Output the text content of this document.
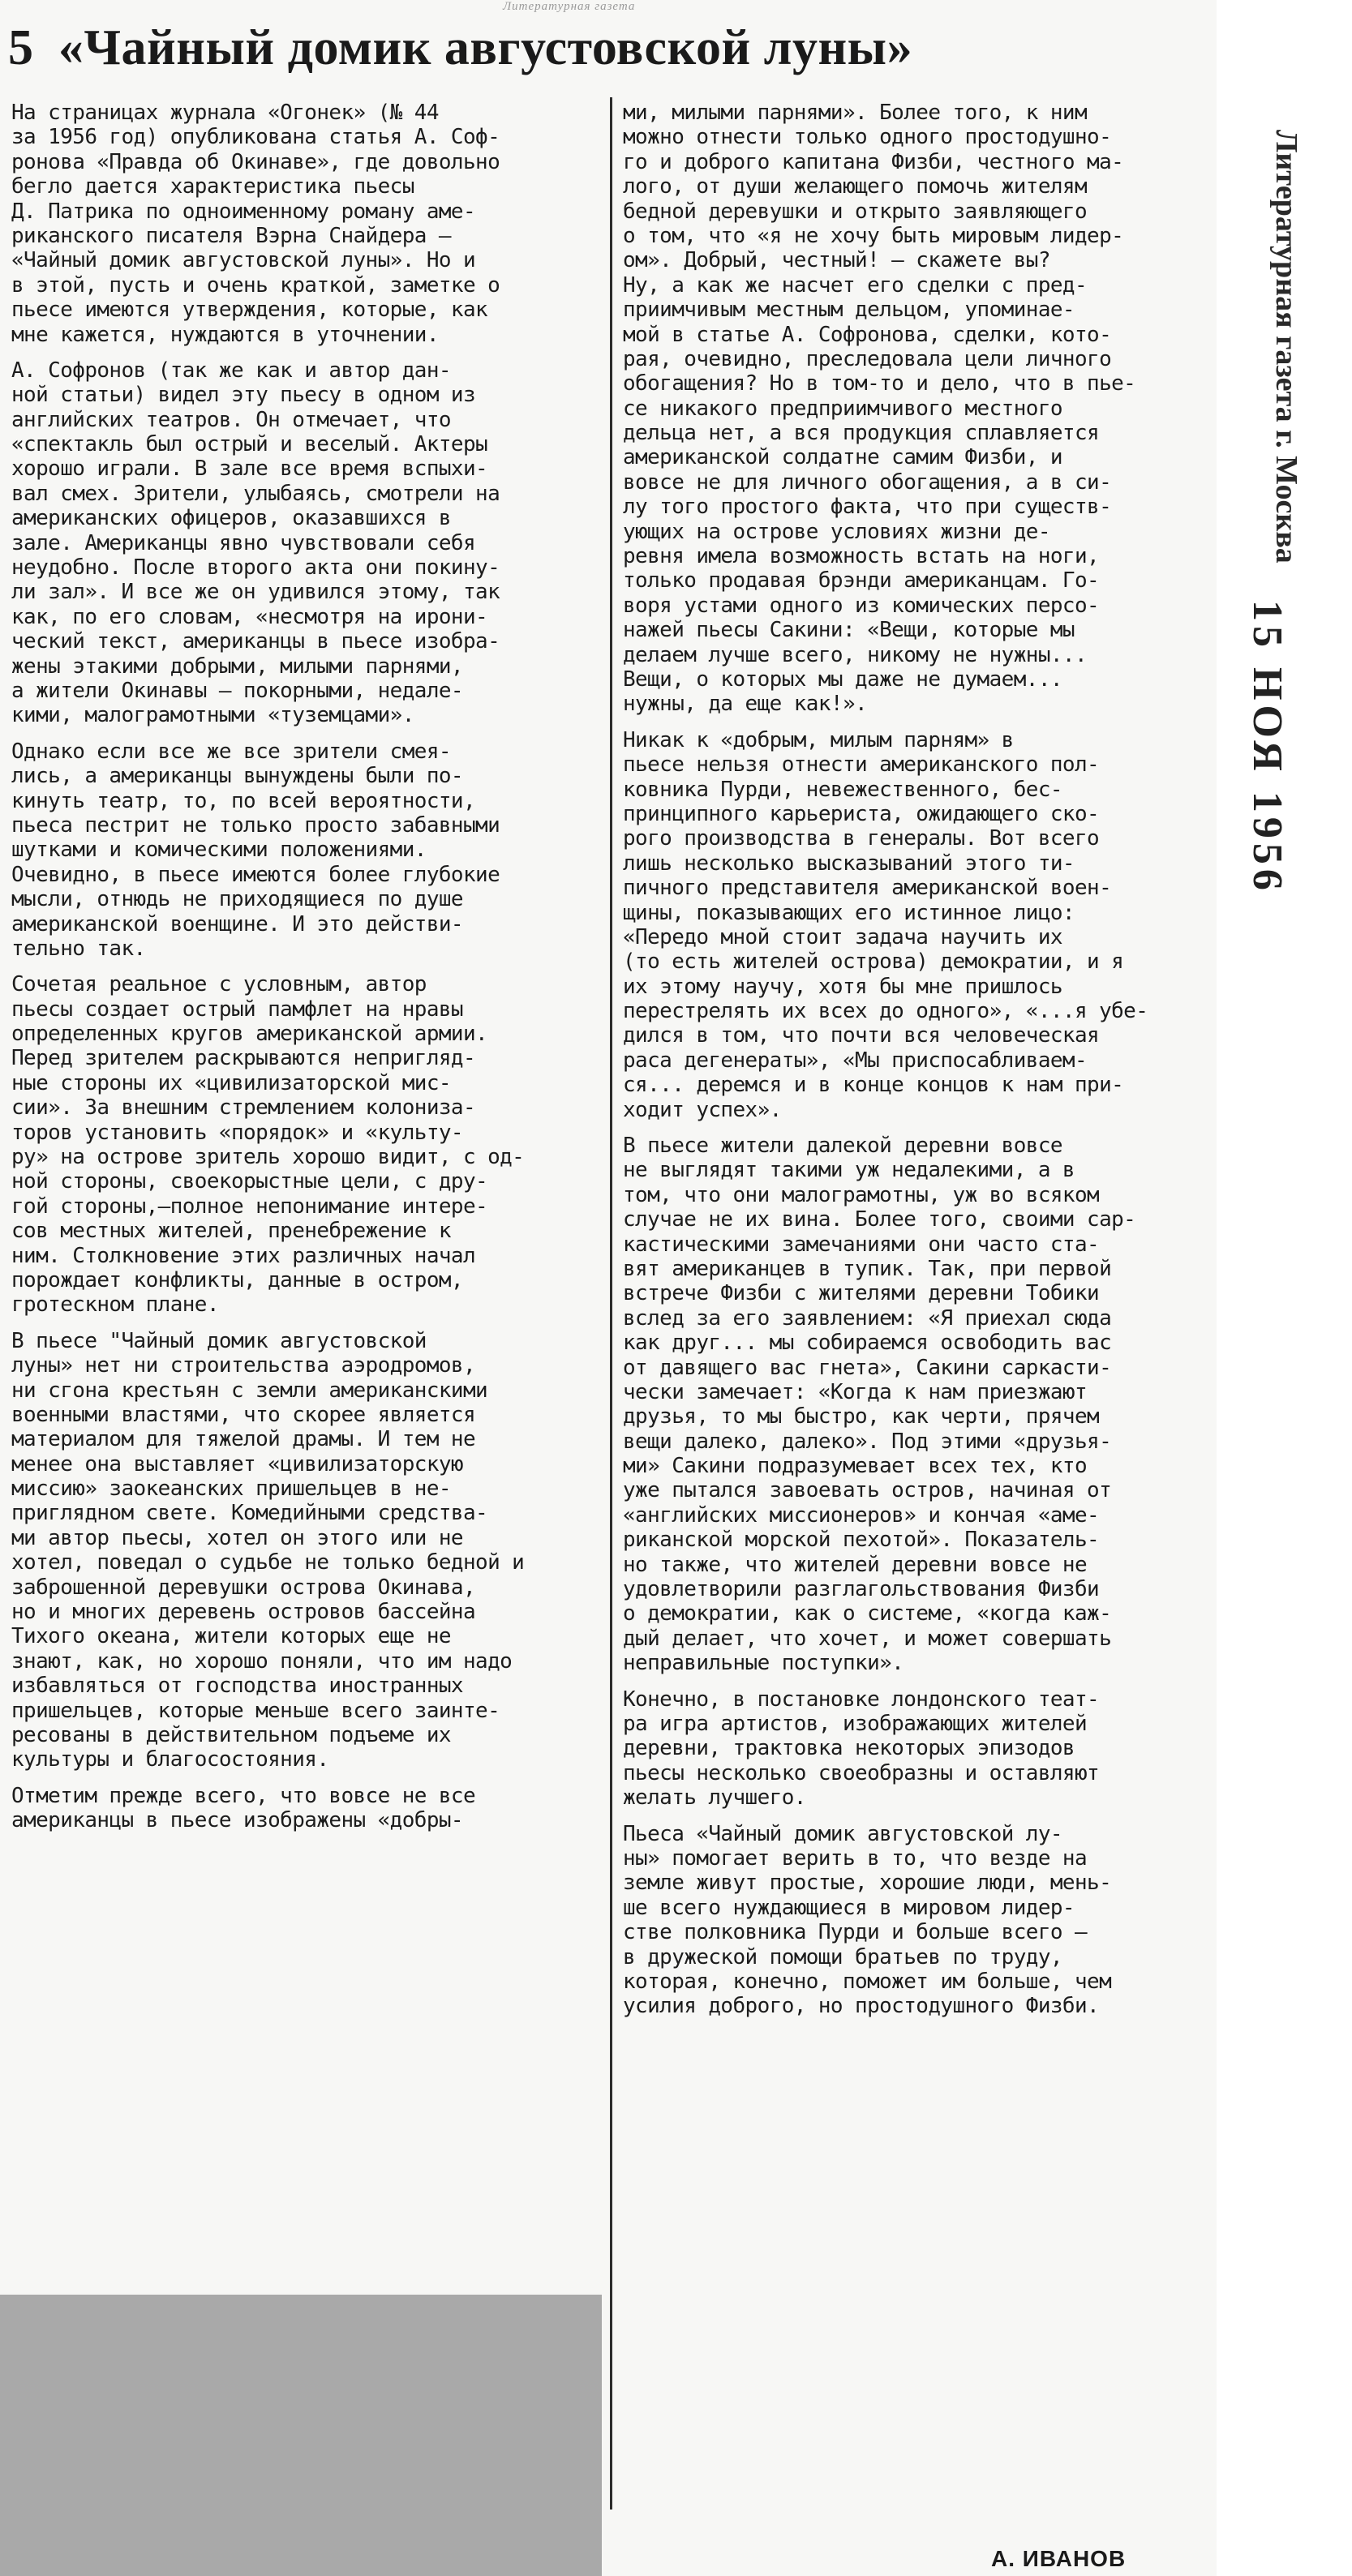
Литературная газета
5 «Чайный домик августовской луны»
На страницах журнала «Огонек» (№ 44
за 1956 год) опубликована статья А. Соф-
ронова «Правда об Окинаве», где довольно
бегло дается характеристика пьесы
Д. Патрика по одноименному роману аме-
риканского писателя Вэрна Снайдера —
«Чайный домик августовской луны». Но и
в этой, пусть и очень краткой, заметке о
пьесе имеются утверждения, которые, как
мне кажется, нуждаются в уточнении.
А. Софронов (так же как и автор дан-
ной статьи) видел эту пьесу в одном из
английских театров. Он отмечает, что
«спектакль был острый и веселый. Актеры
хорошо играли. В зале все время вспыхи-
вал смех. Зрители, улыбаясь, смотрели на
американских офицеров, оказавшихся в
зале. Американцы явно чувствовали себя
неудобно. После второго акта они покину-
ли зал». И все же он удивился этому, так
как, по его словам, «несмотря на ирони-
ческий текст, американцы в пьесе изобра-
жены этакими добрыми, милыми парнями,
а жители Окинавы — покорными, недале-
кими, малограмотными «туземцами».
Однако если все же все зрители смея-
лись, а американцы вынуждены были по-
кинуть театр, то, по всей вероятности,
пьеса пестрит не только просто забавными
шутками и комическими положениями.
Очевидно, в пьесе имеются более глубокие
мысли, отнюдь не приходящиеся по душе
американской военщине. И это действи-
тельно так.
Сочетая реальное с условным, автор
пьесы создает острый памфлет на нравы
определенных кругов американской армии.
Перед зрителем раскрываются непригляд-
ные стороны их «цивилизаторской мис-
сии». За внешним стремлением колониза-
торов установить «порядок» и «культу-
ру» на острове зритель хорошо видит, с од-
ной стороны, своекорыстные цели, с дру-
гой стороны,—полное непонимание интере-
сов местных жителей, пренебрежение к
ним. Столкновение этих различных начал
порождает конфликты, данные в остром,
гротескном плане.
В пьесе "Чайный домик августовской
луны» нет ни строительства аэродромов,
ни сгона крестьян с земли американскими
военными властями, что скорее является
материалом для тяжелой драмы. И тем не
менее она выставляет «цивилизаторскую
миссию» заокеанских пришельцев в не-
приглядном свете. Комедийными средства-
ми автор пьесы, хотел он этого или не
хотел, поведал о судьбе не только бедной и
заброшенной деревушки острова Окинава,
но и многих деревень островов бассейна
Тихого океана, жители которых еще не
знают, как, но хорошо поняли, что им надо
избавляться от господства иностранных
пришельцев, которые меньше всего заинте-
ресованы в действительном подъеме их
культуры и благосостояния.
Отметим прежде всего, что вовсе не все
американцы в пьесе изображены «добры-
ми, милыми парнями». Более того, к ним
можно отнести только одного простодушно-
го и доброго капитана Физби, честного ма-
лого, от души желающего помочь жителям
бедной деревушки и открыто заявляющего
о том, что «я не хочу быть мировым лидер-
ом». Добрый, честный! — скажете вы?
Ну, а как же насчет его сделки с пред-
приимчивым местным дельцом, упоминае-
мой в статье А. Софронова, сделки, кото-
рая, очевидно, преследовала цели личного
обогащения? Но в том-то и дело, что в пье-
се никакого предприимчивого местного
дельца нет, а вся продукция сплавляется
американской солдатне самим Физби, и
вовсе не для личного обогащения, а в си-
лу того простого факта, что при существ-
ующих на острове условиях жизни де-
ревня имела возможность встать на ноги,
только продавая брэнди американцам. Го-
воря устами одного из комических персо-
нажей пьесы Сакини: «Вещи, которые мы
делаем лучше всего, никому не нужны...
Вещи, о которых мы даже не думаем...
нужны, да еще как!».
Никак к «добрым, милым парням» в
пьесе нельзя отнести американского пол-
ковника Пурди, невежественного, бес-
принципного карьериста, ожидающего ско-
рого производства в генералы. Вот всего
лишь несколько высказываний этого ти-
пичного представителя американской воен-
щины, показывающих его истинное лицо:
«Передо мной стоит задача научить их
(то есть жителей острова) демократии, и я
их этому научу, хотя бы мне пришлось
перестрелять их всех до одного», «...я убе-
дился в том, что почти вся человеческая
раса дегенераты», «Мы приспосабливаем-
ся... деремся и в конце концов к нам при-
ходит успех».
В пьесе жители далекой деревни вовсе
не выглядят такими уж недалекими, а в
том, что они малограмотны, уж во всяком
случае не их вина. Более того, своими сар-
кастическими замечаниями они часто ста-
вят американцев в тупик. Так, при первой
встрече Физби с жителями деревни Тобики
вслед за его заявлением: «Я приехал сюда
как друг... мы собираемся освободить вас
от давящего вас гнета», Сакини саркасти-
чески замечает: «Когда к нам приезжают
друзья, то мы быстро, как черти, прячем
вещи далеко, далеко». Под этими «друзья-
ми» Сакини подразумевает всех тех, кто
уже пытался завоевать остров, начиная от
«английских миссионеров» и кончая «аме-
риканской морской пехотой». Показатель-
но также, что жителей деревни вовсе не
удовлетворили разглагольствования Физби
о демократии, как о системе, «когда каж-
дый делает, что хочет, и может совершать
неправильные поступки».
Конечно, в постановке лондонского теат-
ра игра артистов, изображающих жителей
деревни, трактовка некоторых эпизодов
пьесы несколько своеобразны и оставляют
желать лучшего.
Пьеса «Чайный домик августовской лу-
ны» помогает верить в то, что везде на
земле живут простые, хорошие люди, мень-
ше всего нуждающиеся в мировом лидер-
стве полковника Пурди и больше всего —
в дружеской помощи братьев по труду,
которая, конечно, поможет им больше, чем
усилия доброго, но простодушного Физби.
А. ИВАНОВ
Литературная газета г. Москва
15 НОЯ 1956
